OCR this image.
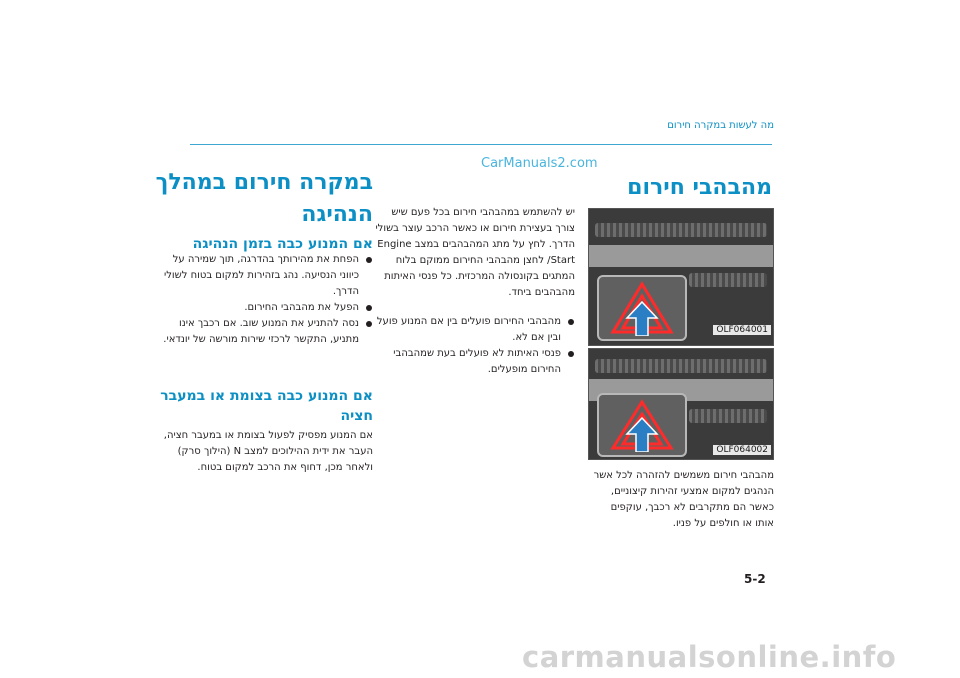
מה לעשות במקרה חירום
CarManuals2.com
במקרה חירום במהלך הנהיגה
אם המנוע כבה בזמן הנהיגה
הפחת את מהירותך בהדרגה, תוך שמירה על כיווני הנסיעה. נהג בזהירות למקום בטוח לשולי הדרך.
הפעל את מהבהבי החירום.
נסה להתניע את המנוע שוב. אם רכבך אינו מתניע, התקשר לרכזי שירות מורשה של יונדאי.
אם המנוע כבה בצומת או במעבר חציה
אם המנוע מפסיק לפעול בצומת או במעבר חציה, העבר את ידית ההילוכים למצב N (הילוך סרק) ולאחר מכן, דחוף את הרכב למקום בטוח.
מהבהבי חירום
יש להשתמש במהבהבי חירום בכל פעם שיש צורך בעצירת חירום או כאשר הרכב עוצר בשולי הדרך. לחץ על מתג המהבהבים במצב Engine Start/ לחצן מהבהבי החירום ממוקם בלוח המתגים בקונסולה המרכזית. כל פנסי האיתות מהבהבים ביחד.
מהבהבי החירום פועלים בין אם המנוע פועל ובין אם לא.
פנסי האיתות לא פועלים בעת שמהבהבי החירום מופעלים.
OLF064001
OLF064002
מהבהבי חירום משמשים להזהרה לכל אשר הנהגים למקום אמצעי זהירות קיצוניים, כאשר הם מתקרבים לא רכבך, עוקפים אותו או חולפים על פניו.
5-2
carmanualsonline.info
